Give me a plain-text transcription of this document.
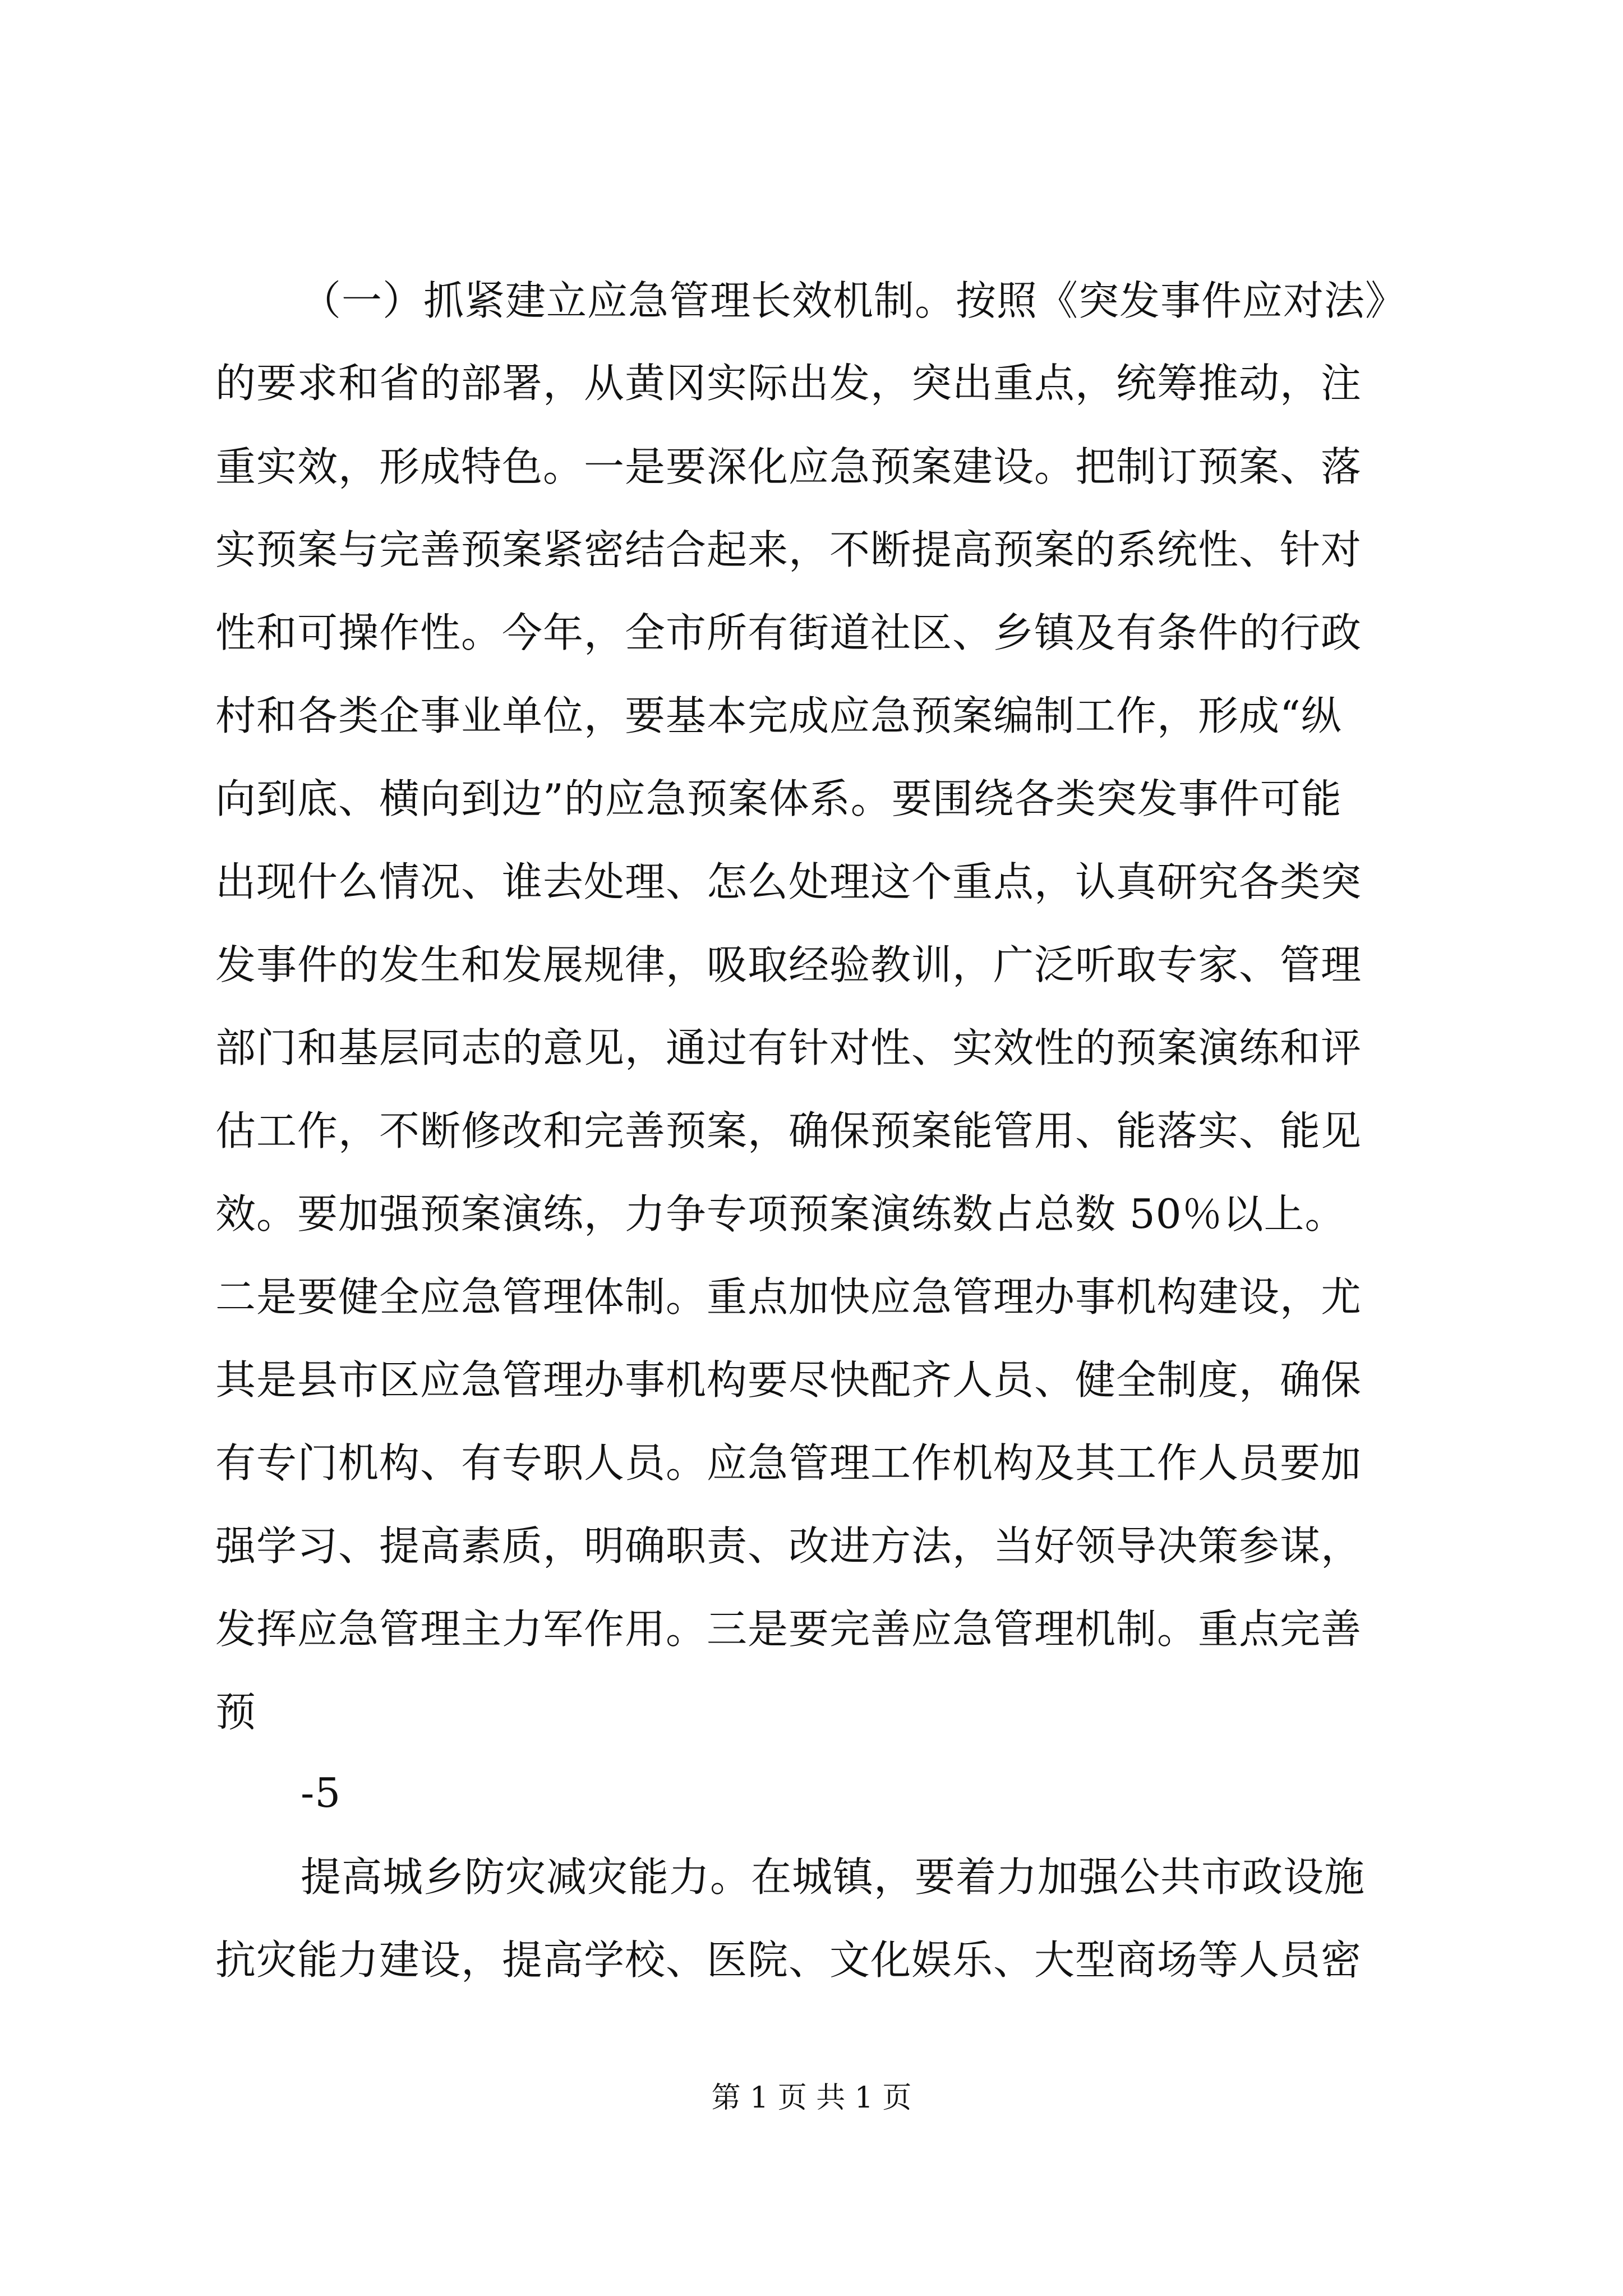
（一）抓紧建立应急管理长效机制。按照《突发事件应对法》
的要求和省的部署，从黄冈实际出发，突出重点，统筹推动，注
重实效，形成特色。一是要深化应急预案建设。把制订预案、落
实预案与完善预案紧密结合起来，不断提高预案的系统性、针对
性和可操作性。今年，全市所有街道社区、乡镇及有条件的行政
村和各类企事业单位，要基本完成应急预案编制工作，形成“纵
向到底、横向到边”的应急预案体系。要围绕各类突发事件可能
出现什么情况、谁去处理、怎么处理这个重点，认真研究各类突
发事件的发生和发展规律，吸取经验教训，广泛听取专家、管理
部门和基层同志的意见，通过有针对性、实效性的预案演练和评
估工作，不断修改和完善预案，确保预案能管用、能落实、能见
效。要加强预案演练，力争专项预案演练数占总数 50％以上。
二是要健全应急管理体制。重点加快应急管理办事机构建设，尤
其是县市区应急管理办事机构要尽快配齐人员、健全制度，确保
有专门机构、有专职人员。应急管理工作机构及其工作人员要加
强学习、提高素质，明确职责、改进方法，当好领导决策参谋，
发挥应急管理主力军作用。三是要完善应急管理机制。重点完善
预
-5
提高城乡防灾减灾能力。在城镇，要着力加强公共市政设施
抗灾能力建设，提高学校、医院、文化娱乐、大型商场等人员密
第 1 页 共 1 页
